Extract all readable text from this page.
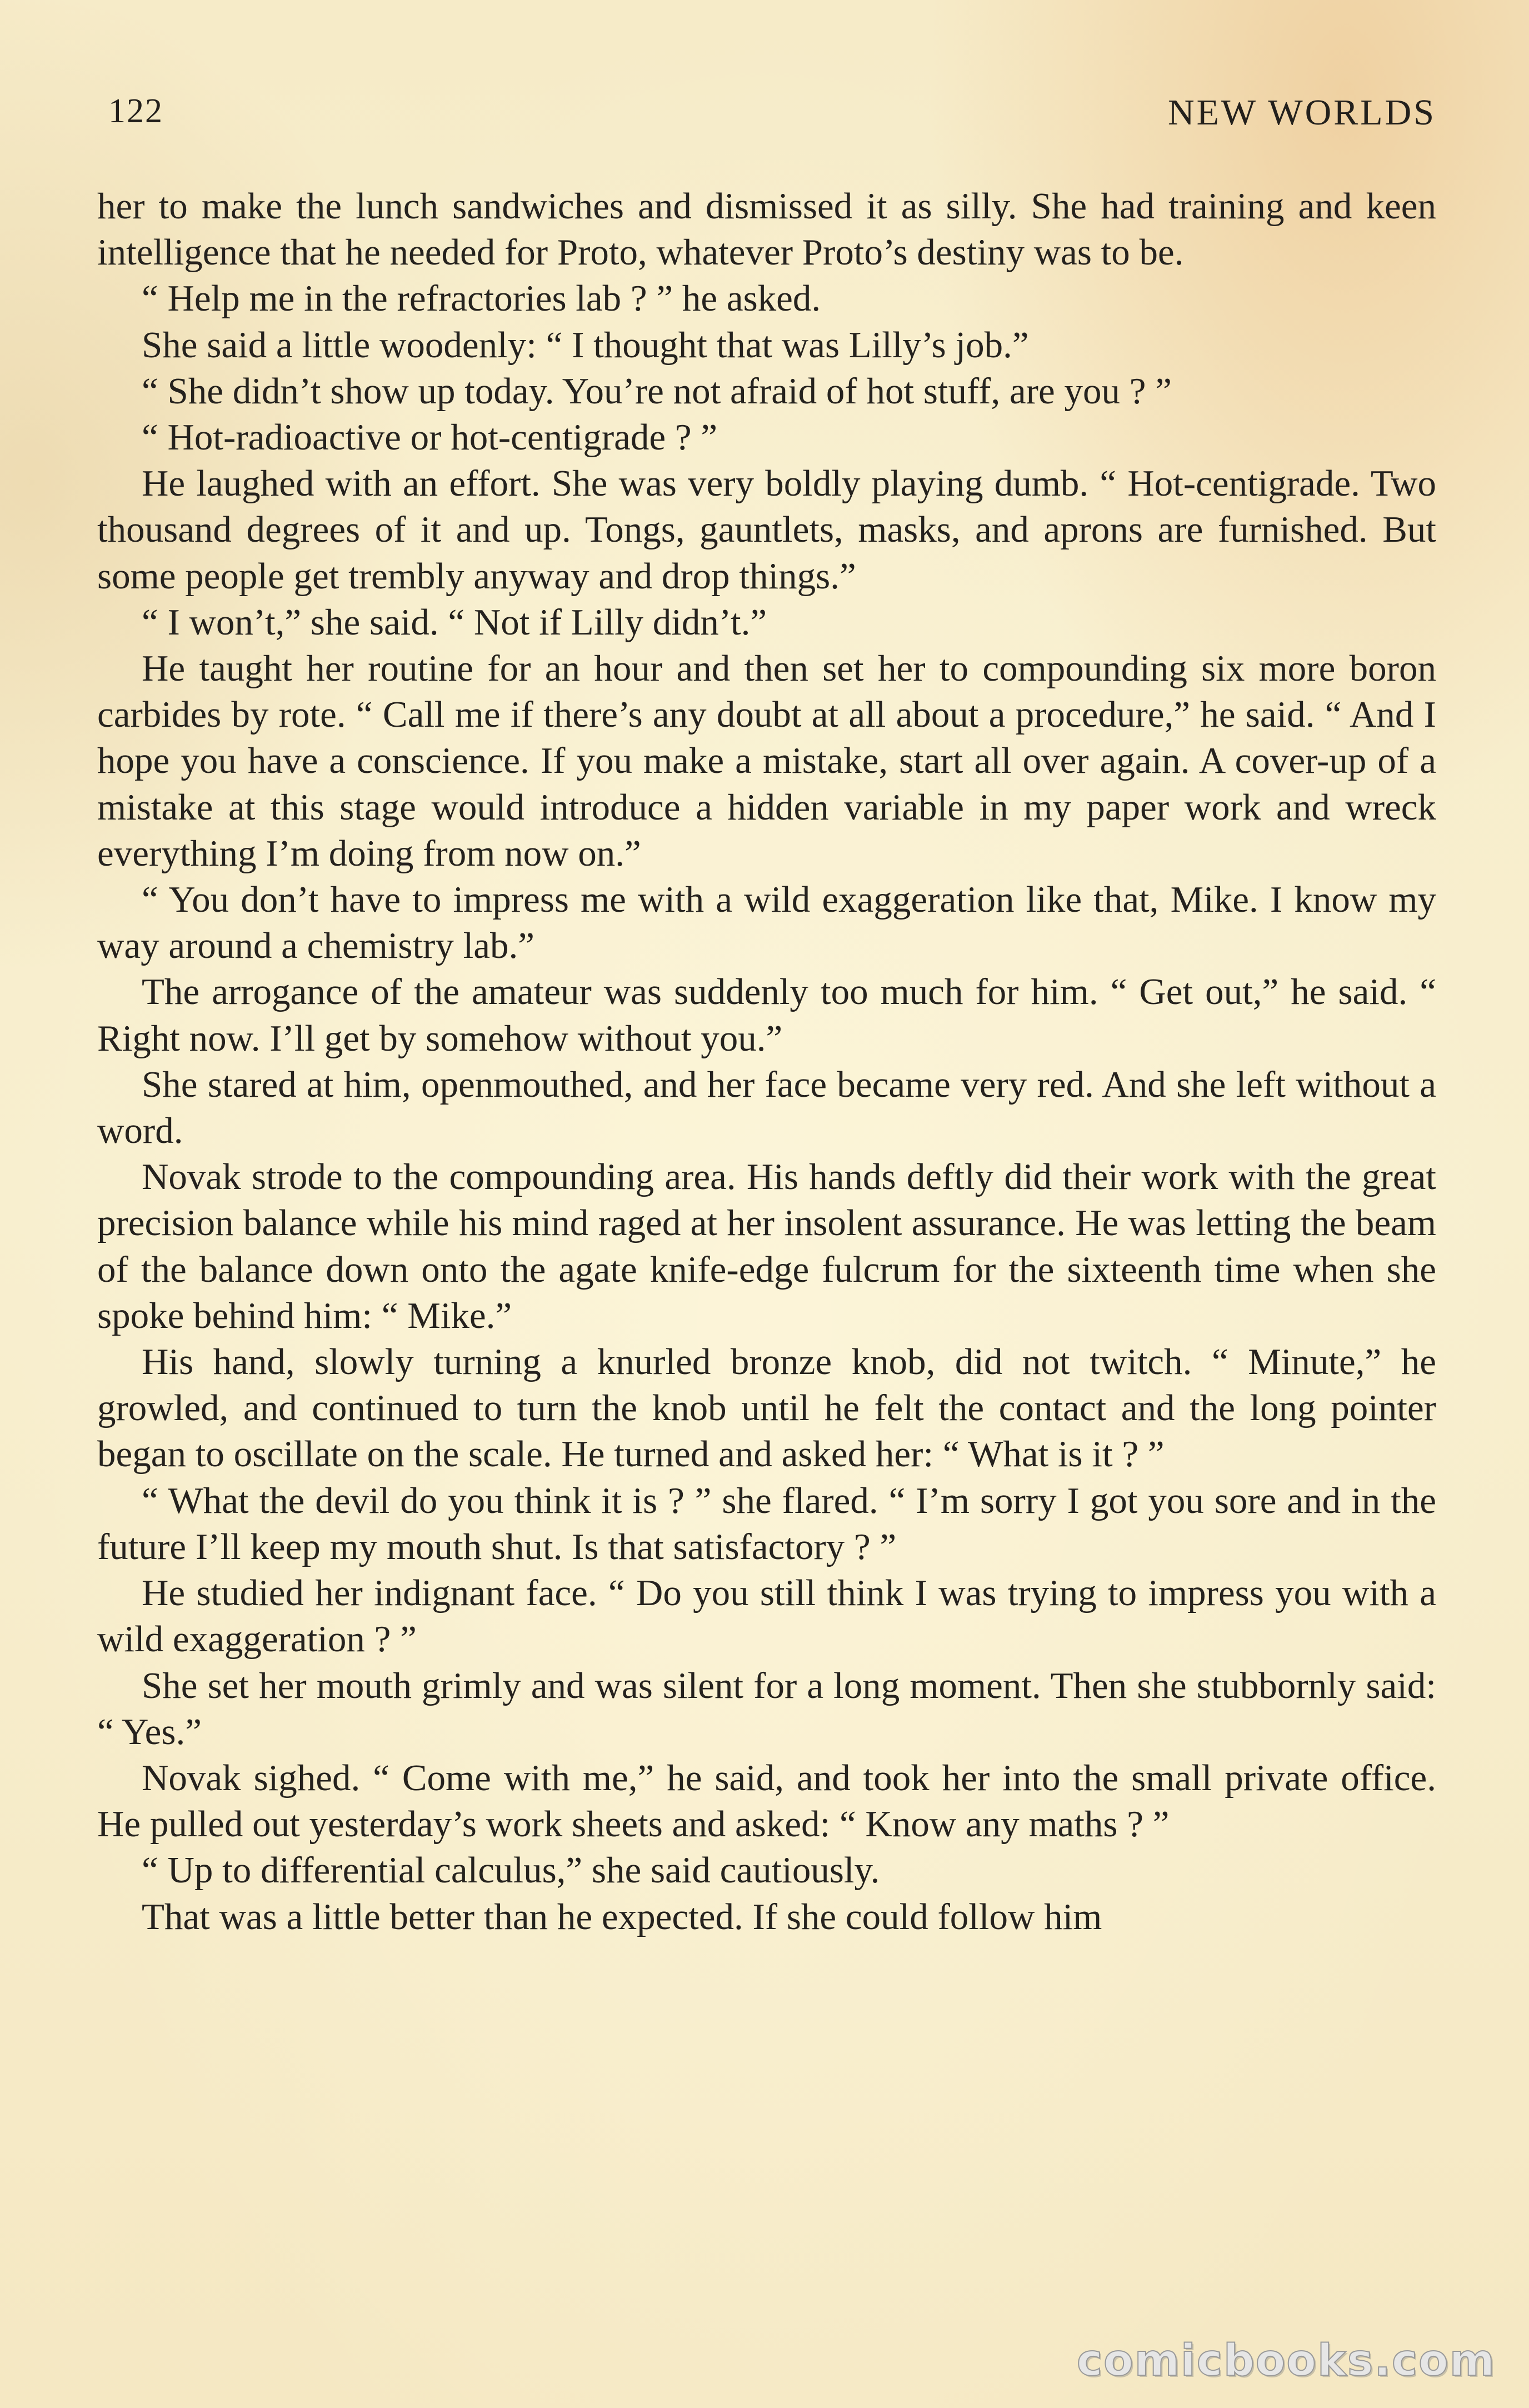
122	NEW WORLDS

her to make the lunch sandwiches and dismissed it as silly. She had training and keen intelligence that he needed for Proto, whatever Proto’s destiny was to be.

“ Help me in the refractories lab ? ” he asked.

She said a little woodenly: “ I thought that was Lilly’s job.”

“ She didn’t show up today. You’re not afraid of hot stuff, are you ? ”

“ Hot-radioactive or hot-centigrade ? ”

He laughed with an effort. She was very boldly playing dumb. “ Hot-centigrade. Two thousand degrees of it and up. Tongs, gauntlets, masks, and aprons are furnished. But some people get trembly anyway and drop things.”

“ I won’t,” she said. “ Not if Lilly didn’t.”

He taught her routine for an hour and then set her to compounding six more boron carbides by rote. “ Call me if there’s any doubt at all about a procedure,” he said. “ And I hope you have a conscience. If you make a mistake, start all over again. A cover-up of a mistake at this stage would introduce a hidden variable in my paper work and wreck everything I’m doing from now on.”

“ You don’t have to impress me with a wild exaggeration like that, Mike. I know my way around a chemistry lab.”

The arrogance of the amateur was suddenly too much for him. “ Get out,” he said. “ Right now. I’ll get by somehow without you.”

She stared at him, openmouthed, and her face became very red. And she left without a word.

Novak strode to the compounding area. His hands deftly did their work with the great precision balance while his mind raged at her insolent assurance. He was letting the beam of the balance down onto the agate knife-edge fulcrum for the sixteenth time when she spoke behind him: “ Mike.”

His hand, slowly turning a knurled bronze knob, did not twitch. “ Minute,” he growled, and continued to turn the knob until he felt the contact and the long pointer began to oscillate on the scale. He turned and asked her: “ What is it ? ”

“ What the devil do you think it is ? ” she flared. “ I’m sorry I got you sore and in the future I’ll keep my mouth shut. Is that satisfactory ? ”

He studied her indignant face. “ Do you still think I was trying to impress you with a wild exaggeration ? ”

She set her mouth grimly and was silent for a long moment. Then she stubbornly said: “ Yes.”

Novak sighed. “ Come with me,” he said, and took her into the small private office. He pulled out yesterday’s work sheets and asked: “ Know any maths ? ”

“ Up to differential calculus,” she said cautiously.

That was a little better than he expected. If she could follow him

comicbooks.com
